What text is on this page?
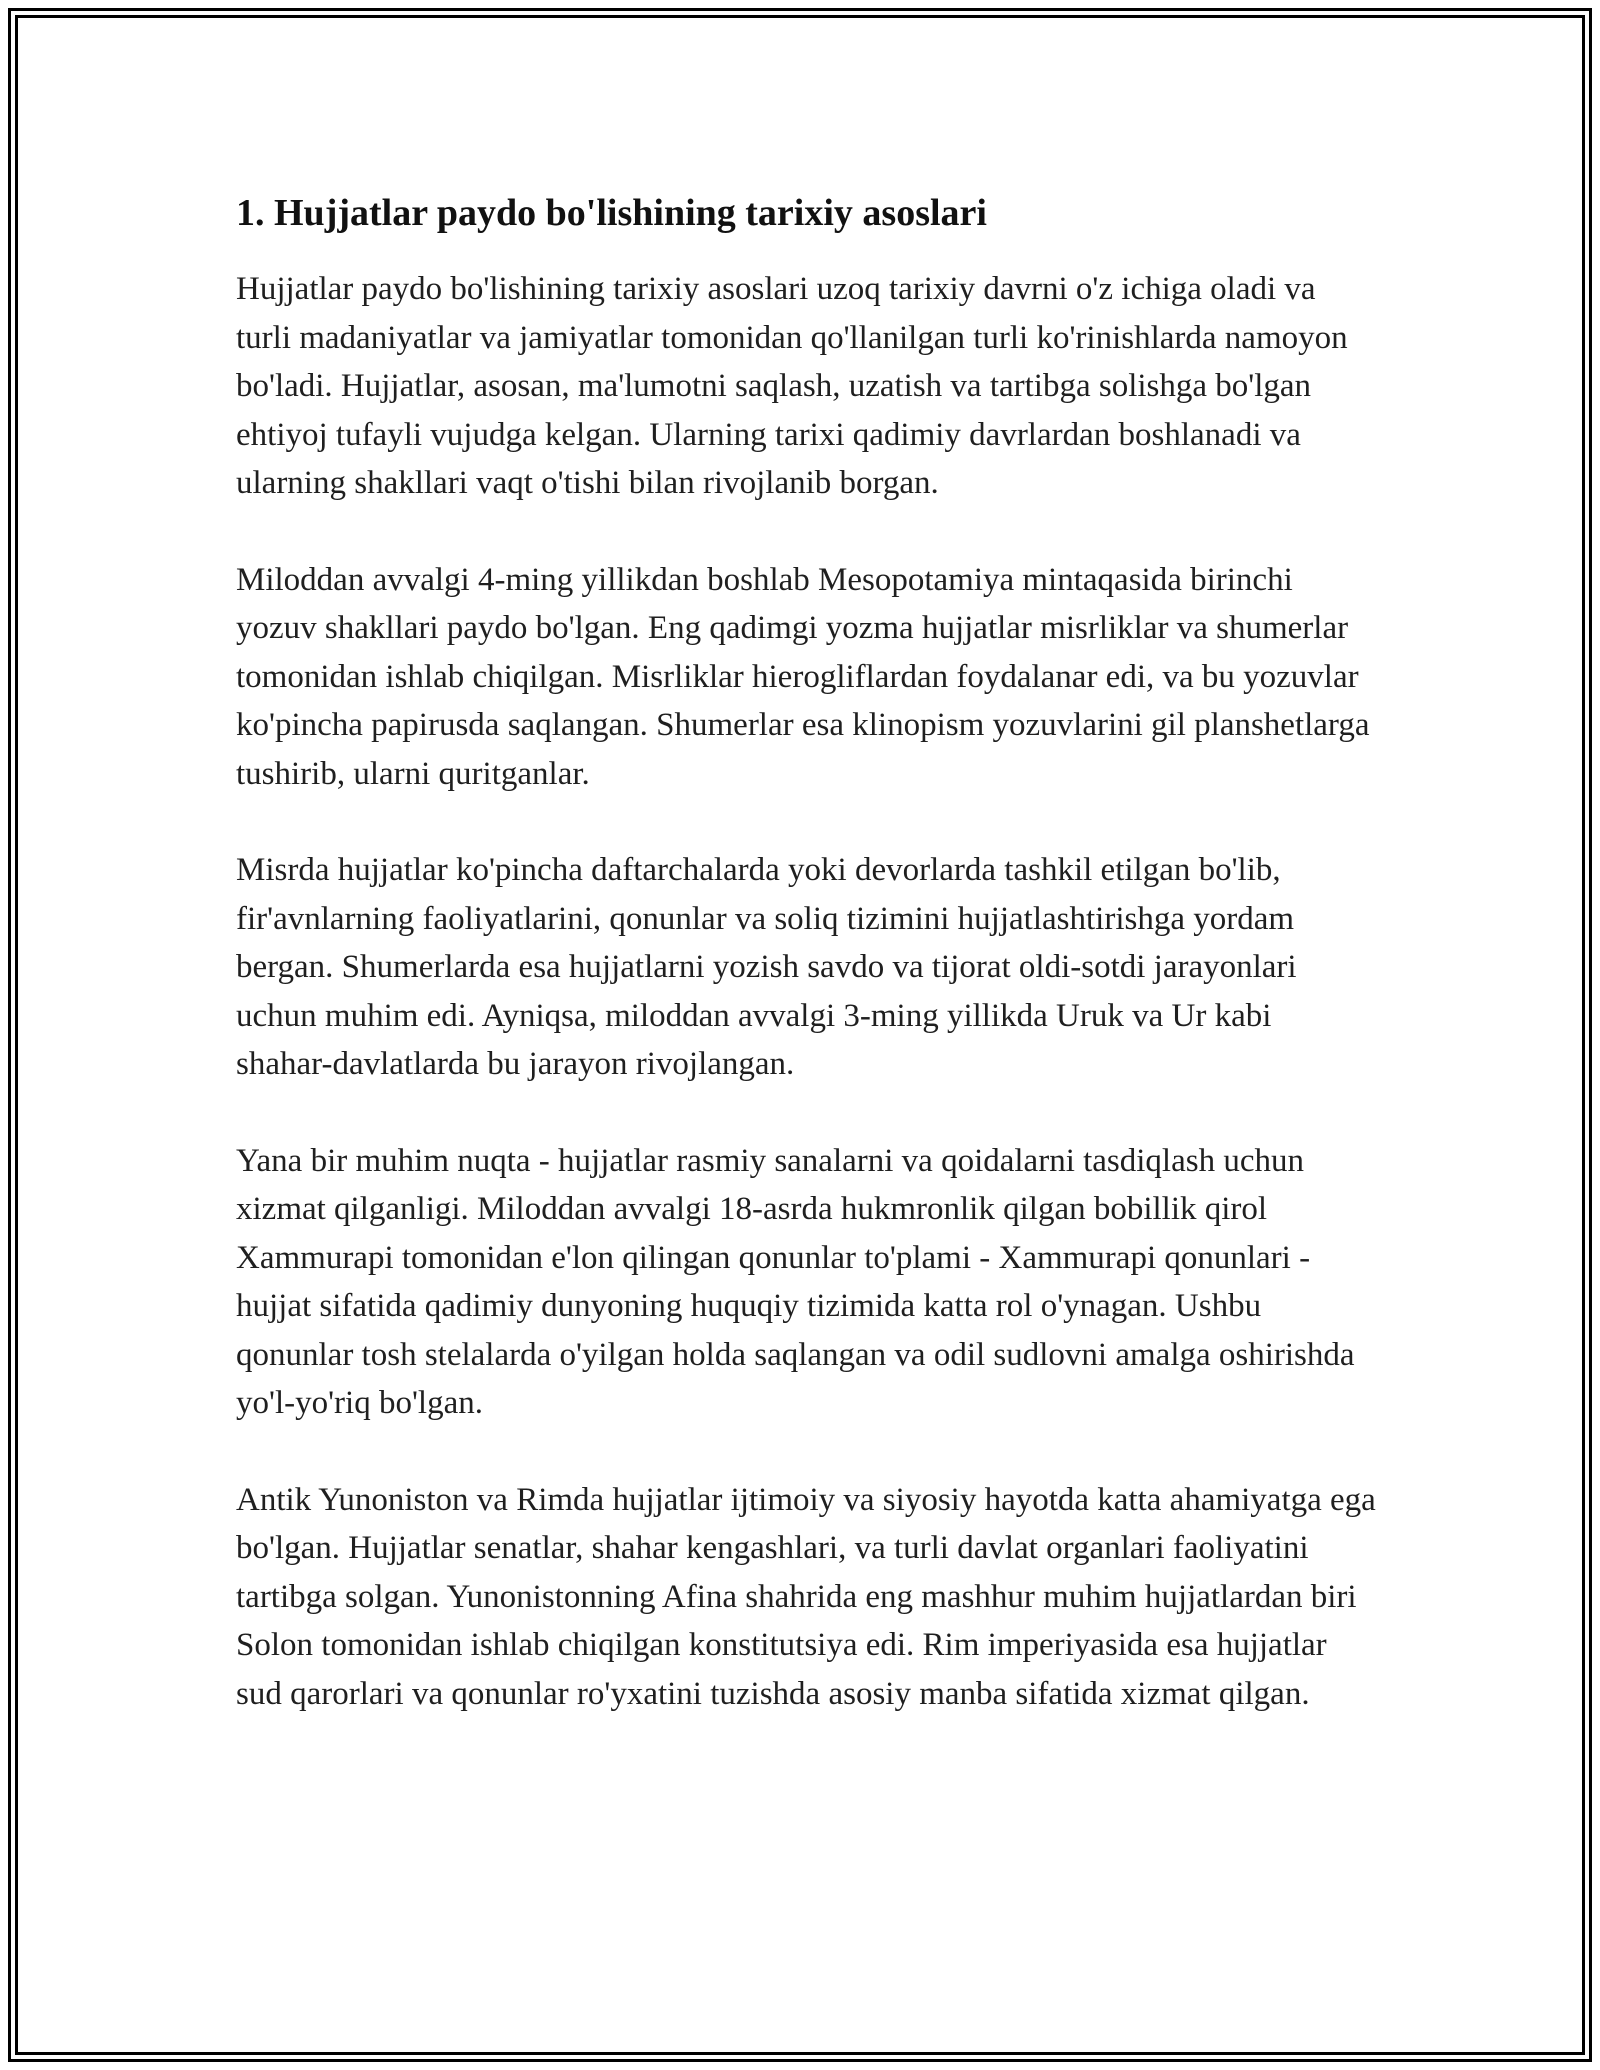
1. Hujjatlar paydo bo'lishining tarixiy asoslari

Hujjatlar paydo bo'lishining tarixiy asoslari uzoq tarixiy davrni o'z ichiga oladi va turli madaniyatlar va jamiyatlar tomonidan qo'llanilgan turli ko'rinishlarda namoyon bo'ladi. Hujjatlar, asosan, ma'lumotni saqlash, uzatish va tartibga solishga bo'lgan ehtiyoj tufayli vujudga kelgan. Ularning tarixi qadimiy davrlardan boshlanadi va ularning shakllari vaqt o'tishi bilan rivojlanib borgan.

Miloddan avvalgi 4-ming yillikdan boshlab Mesopotamiya mintaqasida birinchi yozuv shakllari paydo bo'lgan. Eng qadimgi yozma hujjatlar misrliklar va shumerlar tomonidan ishlab chiqilgan. Misrliklar hierogliflardan foydalanar edi, va bu yozuvlar ko'pincha papirusda saqlangan. Shumerlar esa klinopism yozuvlarini gil planshetlarga tushirib, ularni quritganlar.

Misrda hujjatlar ko'pincha daftarchalarda yoki devorlarda tashkil etilgan bo'lib, fir'avnlarning faoliyatlarini, qonunlar va soliq tizimini hujjatlashtirishga yordam bergan. Shumerlarda esa hujjatlarni yozish savdo va tijorat oldi-sotdi jarayonlari uchun muhim edi. Ayniqsa, miloddan avvalgi 3-ming yillikda Uruk va Ur kabi shahar-davlatlarda bu jarayon rivojlangan.

Yana bir muhim nuqta - hujjatlar rasmiy sanalarni va qoidalarni tasdiqlash uchun xizmat qilganligi. Miloddan avvalgi 18-asrda hukmronlik qilgan bobillik qirol Xammurapi tomonidan e'lon qilingan qonunlar to'plami - Xammurapi qonunlari - hujjat sifatida qadimiy dunyoning huquqiy tizimida katta rol o'ynagan. Ushbu qonunlar tosh stelalarda o'yilgan holda saqlangan va odil sudlovni amalga oshirishda yo'l-yo'riq bo'lgan.

Antik Yunoniston va Rimda hujjatlar ijtimoiy va siyosiy hayotda katta ahamiyatga ega bo'lgan. Hujjatlar senatlar, shahar kengashlari, va turli davlat organlari faoliyatini tartibga solgan. Yunonistonning Afina shahrida eng mashhur muhim hujjatlardan biri Solon tomonidan ishlab chiqilgan konstitutsiya edi. Rim imperiyasida esa hujjatlar sud qarorlari va qonunlar ro'yxatini tuzishda asosiy manba sifatida xizmat qilgan.
